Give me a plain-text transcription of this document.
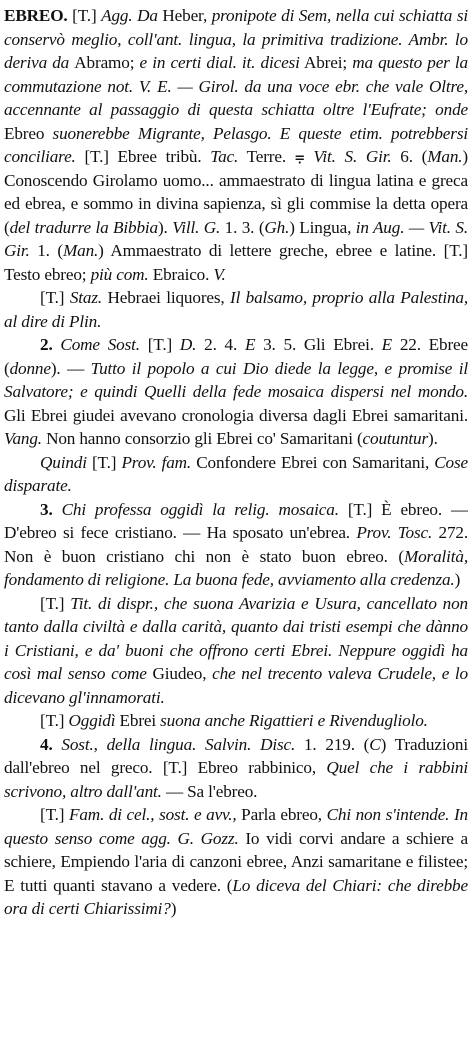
EBREO. [T.] Agg. Da Heber, pronipote di Sem, nella cui schiatta si conservò meglio, coll'ant. lingua, la primitiva tradizione. Ambr. lo deriva da Abramo; e in certi dial. it. dicesi Abrei; ma questo per la commutazione not. V. E. — Girol. da una voce ebr. che vale Oltre, accennante al passaggio di questa schiatta oltre l'Eufrate; onde Ebreo suonerebbe Migrante, Pelasgo. E queste etim. potrebbersi conciliare. [T.] Ebree tribù. Tac. Terre. ⩦ Vit. S. Gir. 6. (Man.) Conoscendo Girolamo uomo... ammaestrato di lingua latina e greca ed ebrea, e sommo in divina sapienza, sì gli commise la detta opera (del tradurre la Bibbia). Vill. G. 1. 3. (Gh.) Lingua, in Aug. — Vit. S. Gir. 1. (Man.) Ammaestrato di lettere greche, ebree e latine. [T.] Testo ebreo; più com. Ebraico. V.

[T.] Staz. Hebraei liquores, Il balsamo, proprio alla Palestina, al dire di Plin.

2. Come Sost. [T.] D. 2. 4. E 3. 5. Gli Ebrei. E 22. Ebree (donne). — Tutto il popolo a cui Dio diede la legge, e promise il Salvatore; e quindi Quelli della fede mosaica dispersi nel mondo. Gli Ebrei giudei avevano cronologia diversa dagli Ebrei samaritani. Vang. Non hanno consorzio gli Ebrei co' Samaritani (coutuntur).

Quindi [T.] Prov. fam. Confondere Ebrei con Samaritani, Cose disparate.

3. Chi professa oggidì la relig. mosaica. [T.] È ebreo. — D'ebreo si fece cristiano. — Ha sposato un'ebrea. Prov. Tosc. 272. Non è buon cristiano chi non è stato buon ebreo. (Moralità, fondamento di religione. La buona fede, avviamento alla credenza.)

[T.] Tit. di dispr., che suona Avarizia e Usura, cancellato non tanto dalla civiltà e dalla carità, quanto dai tristi esempi che dànno i Cristiani, e da' buoni che offrono certi Ebrei. Neppure oggidì ha così mal senso come Giudeo, che nel trecento valeva Crudele, e lo dicevano gl'innamorati.

[T.] Oggidì Ebrei suona anche Rigattieri e Rivendugliolo.

4. Sost., della lingua. Salvin. Disc. 1. 219. (C) Traduzioni dall'ebreo nel greco. [T.] Ebreo rabbinico, Quel che i rabbini scrivono, altro dall'ant. — Sa l'ebreo.

[T.] Fam. di cel., sost. e avv., Parla ebreo, Chi non s'intende. In questo senso come agg. G. Gozz. Io vidi corvi andare a schiere a schiere, Empiendo l'aria di canzoni ebree, Anzi samaritane e filistee; E tutti quanti stavano a vedere. (Lo diceva del Chiari: che direbbe ora di certi Chiarissimi?)
